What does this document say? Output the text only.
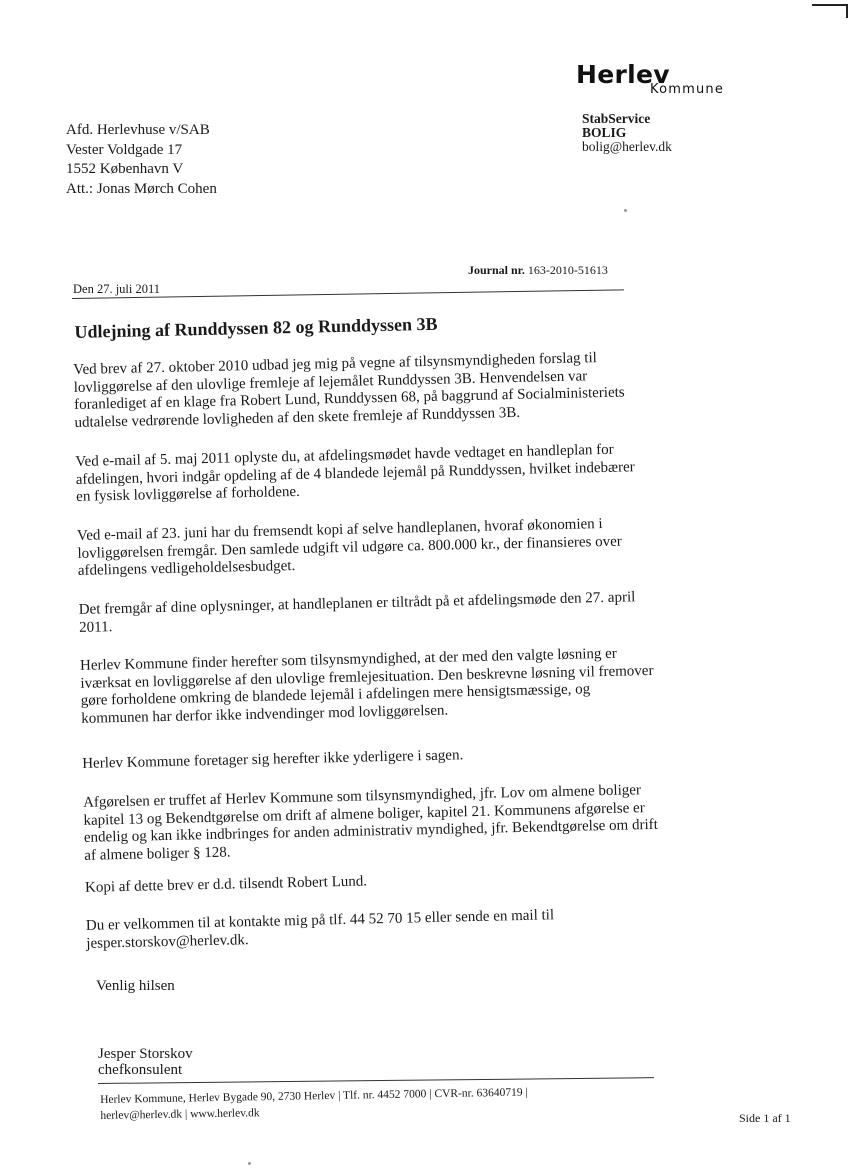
Herlev
Kommune
StabService
BOLIG
bolig@herlev.dk
Afd. Herlevhuse v/SAB
Vester Voldgade 17
1552 København V
Att.: Jonas Mørch Cohen
Den 27. juli 2011
Journal nr. 163-2010-51613
Udlejning af Runddyssen 82 og Runddyssen 3B
Ved brev af 27. oktober 2010 udbad jeg mig på vegne af tilsynsmyndigheden forslag til lovliggørelse af den ulovlige fremleje af lejemålet Runddyssen 3B. Henvendelsen var foranlediget af en klage fra Robert Lund, Runddyssen 68, på baggrund af Socialministeriets udtalelse vedrørende lovligheden af den skete fremleje af Runddyssen 3B.
Ved e-mail af 5. maj 2011 oplyste du, at afdelingsmødet havde vedtaget en handleplan for afdelingen, hvori indgår opdeling af de 4 blandede lejemål på Runddyssen, hvilket indebærer en fysisk lovliggørelse af forholdene.
Ved e-mail af 23. juni har du fremsendt kopi af selve handleplanen, hvoraf økonomien i lovliggørelsen fremgår. Den samlede udgift vil udgøre ca. 800.000 kr., der finansieres over afdelingens vedligeholdelsesbudget.
Det fremgår af dine oplysninger, at handleplanen er tiltrådt på et afdelingsmøde den 27. april 2011.
Herlev Kommune finder herefter som tilsynsmyndighed, at der med den valgte løsning er iværksat en lovliggørelse af den ulovlige fremlejesituation. Den beskrevne løsning vil fremover gøre forholdene omkring de blandede lejemål i afdelingen mere hensigtsmæssige, og kommunen har derfor ikke indvendinger mod lovliggørelsen.
Herlev Kommune foretager sig herefter ikke yderligere i sagen.
Afgørelsen er truffet af Herlev Kommune som tilsynsmyndighed, jfr. Lov om almene boliger kapitel 13 og Bekendtgørelse om drift af almene boliger, kapitel 21. Kommunens afgørelse er endelig og kan ikke indbringes for anden administrativ myndighed, jfr. Bekendtgørelse om drift af almene boliger § 128.
Kopi af dette brev er d.d. tilsendt Robert Lund.
Du er velkommen til at kontakte mig på tlf. 44 52 70 15 eller sende en mail til jesper.storskov@herlev.dk.
Venlig hilsen
Jesper Storskov
chefkonsulent
Herlev Kommune, Herlev Bygade 90, 2730 Herlev | Tlf. nr. 4452 7000 | CVR-nr. 63640719 |
herlev@herlev.dk | www.herlev.dk	Side 1 af 1
